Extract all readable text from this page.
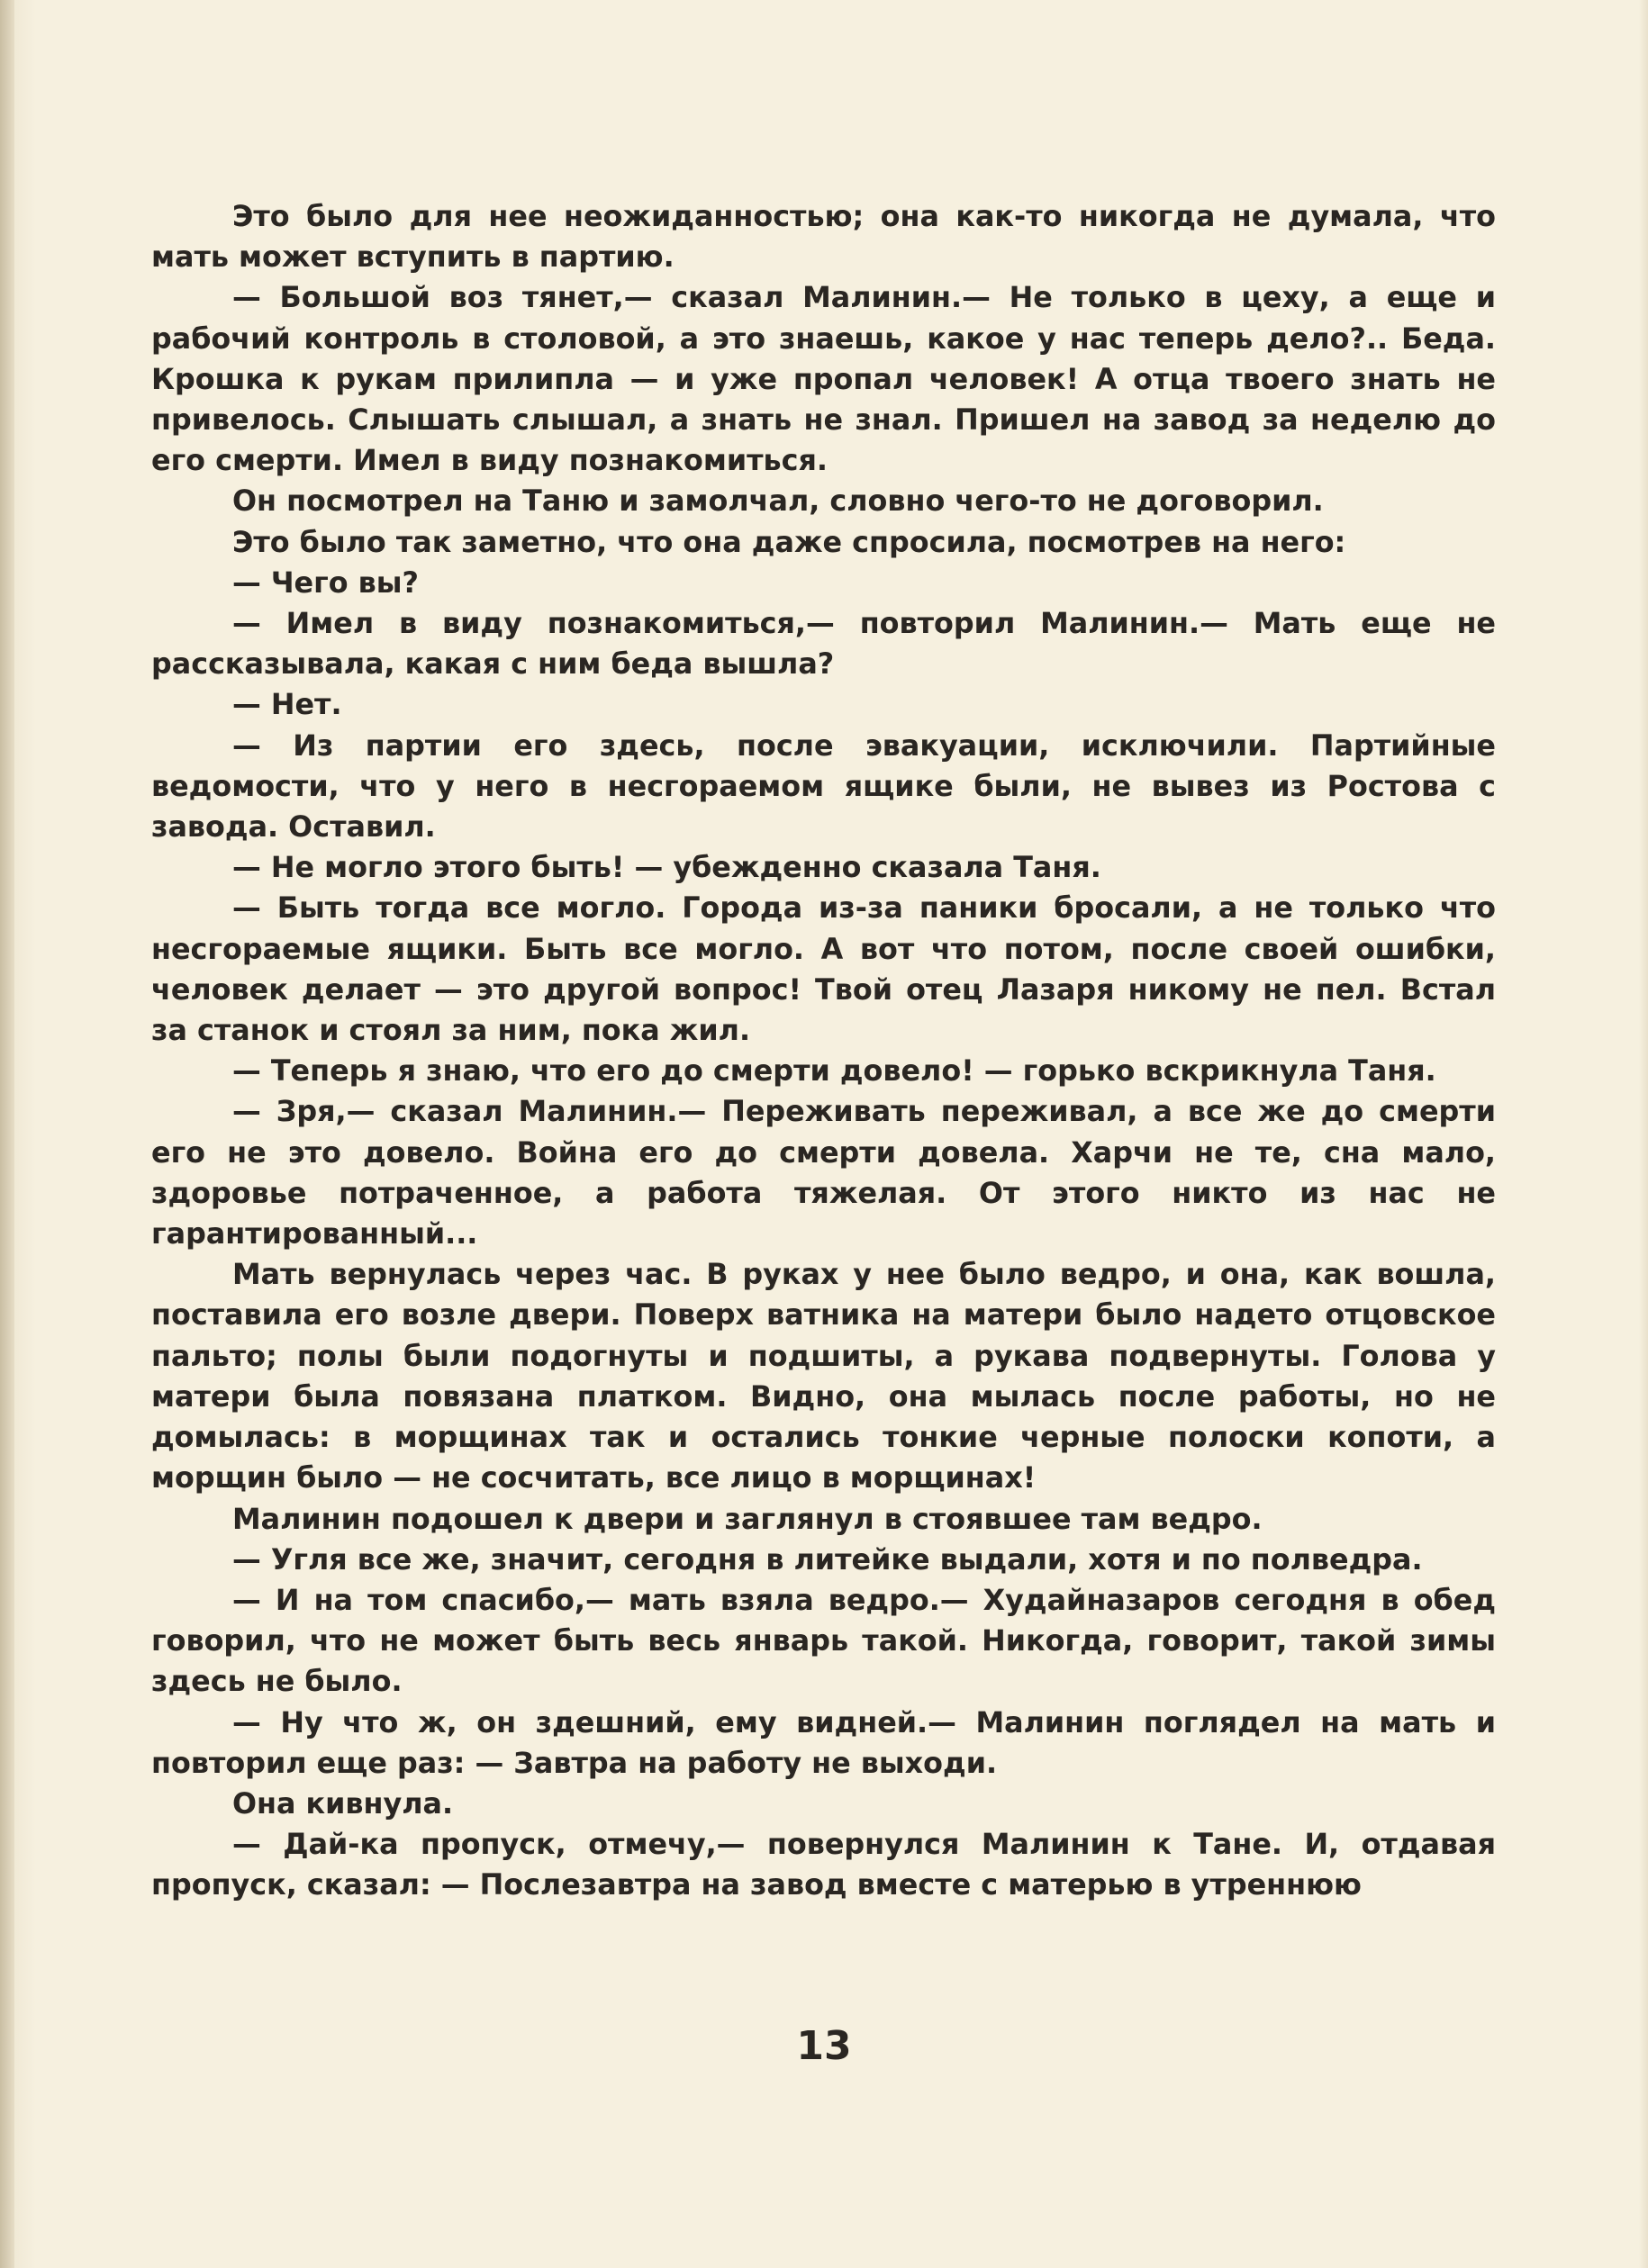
Это было для нее неожиданностью; она как-то никогда не думала, что мать может вступить в партию.

— Большой воз тянет,— сказал Малинин.— Не только в цеху, а еще и рабочий контроль в столовой, а это знаешь, какое у нас теперь дело?.. Беда. Крошка к рукам прилипла — и уже пропал человек! А отца твоего знать не привелось. Слышать слышал, а знать не знал. Пришел на завод за неделю до его смерти. Имел в виду познакомиться.

Он посмотрел на Таню и замолчал, словно чего-то не договорил.

Это было так заметно, что она даже спросила, посмотрев на него:

— Чего вы?

— Имел в виду познакомиться,— повторил Малинин.— Мать еще не рассказывала, какая с ним беда вышла?

— Нет.

— Из партии его здесь, после эвакуации, исключили. Партийные ведомости, что у него в несгораемом ящике были, не вывез из Ростова с завода. Оставил.

— Не могло этого быть! — убежденно сказала Таня.

— Быть тогда все могло. Города из-за паники бросали, а не только что несгораемые ящики. Быть все могло. А вот что потом, после своей ошибки, человек делает — это другой вопрос! Твой отец Лазаря никому не пел. Встал за станок и стоял за ним, пока жил.

— Теперь я знаю, что его до смерти довело! — горько вскрикнула Таня.

— Зря,— сказал Малинин.— Переживать переживал, а все же до смерти его не это довело. Война его до смерти довела. Харчи не те, сна мало, здоровье потраченное, а работа тяжелая. От этого никто из нас не гарантированный...

Мать вернулась через час. В руках у нее было ведро, и она, как вошла, поставила его возле двери. Поверх ватника на матери было надето отцовское пальто; полы были подогнуты и подшиты, а рукава подвернуты. Голова у матери была повязана платком. Видно, она мылась после работы, но не домылась: в морщинах так и остались тонкие черные полоски копоти, а морщин было — не сосчитать, все лицо в морщинах!

Малинин подошел к двери и заглянул в стоявшее там ведро.

— Угля все же, значит, сегодня в литейке выдали, хотя и по полведра.

— И на том спасибо,— мать взяла ведро.— Худайназаров сегодня в обед говорил, что не может быть весь январь такой. Никогда, говорит, такой зимы здесь не было.

— Ну что ж, он здешний, ему видней.— Малинин поглядел на мать и повторил еще раз: — Завтра на работу не выходи.

Она кивнула.

— Дай-ка пропуск, отмечу,— повернулся Малинин к Тане. И, отдавая пропуск, сказал: — Послезавтра на завод вместе с матерью в утреннюю

13
